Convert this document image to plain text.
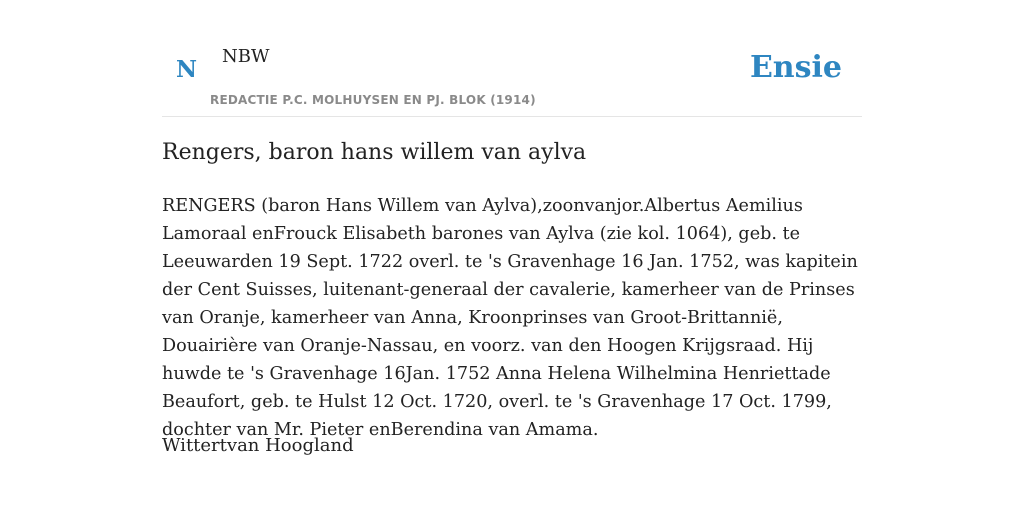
N NBW
REDACTIE P.C. MOLHUYSEN EN PJ. BLOK (1914)
Ensie
Rengers, baron hans willem van aylva

RENGERS (baron Hans Willem van Aylva),zoonvanjor.Albertus Aemilius Lamoraal enFrouck Elisabeth barones van Aylva (zie kol. 1064), geb. te Leeuwarden 19 Sept. 1722 overl. te 's Gravenhage 16 Jan. 1752, was kapitein der Cent Suisses, luitenant-generaal der cavalerie, kamerheer van de Prinses van Oranje, kamerheer van Anna, Kroonprinses van Groot-Brittannië, Douairière van Oranje-Nassau, en voorz. van den Hoogen Krijgsraad. Hij huwde te 's Gravenhage 16Jan. 1752 Anna Helena Wilhelmina Henriettade Beaufort, geb. te Hulst 12 Oct. 1720, overl. te 's Gravenhage 17 Oct. 1799, dochter van Mr. Pieter enBerendina van Amama.

Wittertvan Hoogland
